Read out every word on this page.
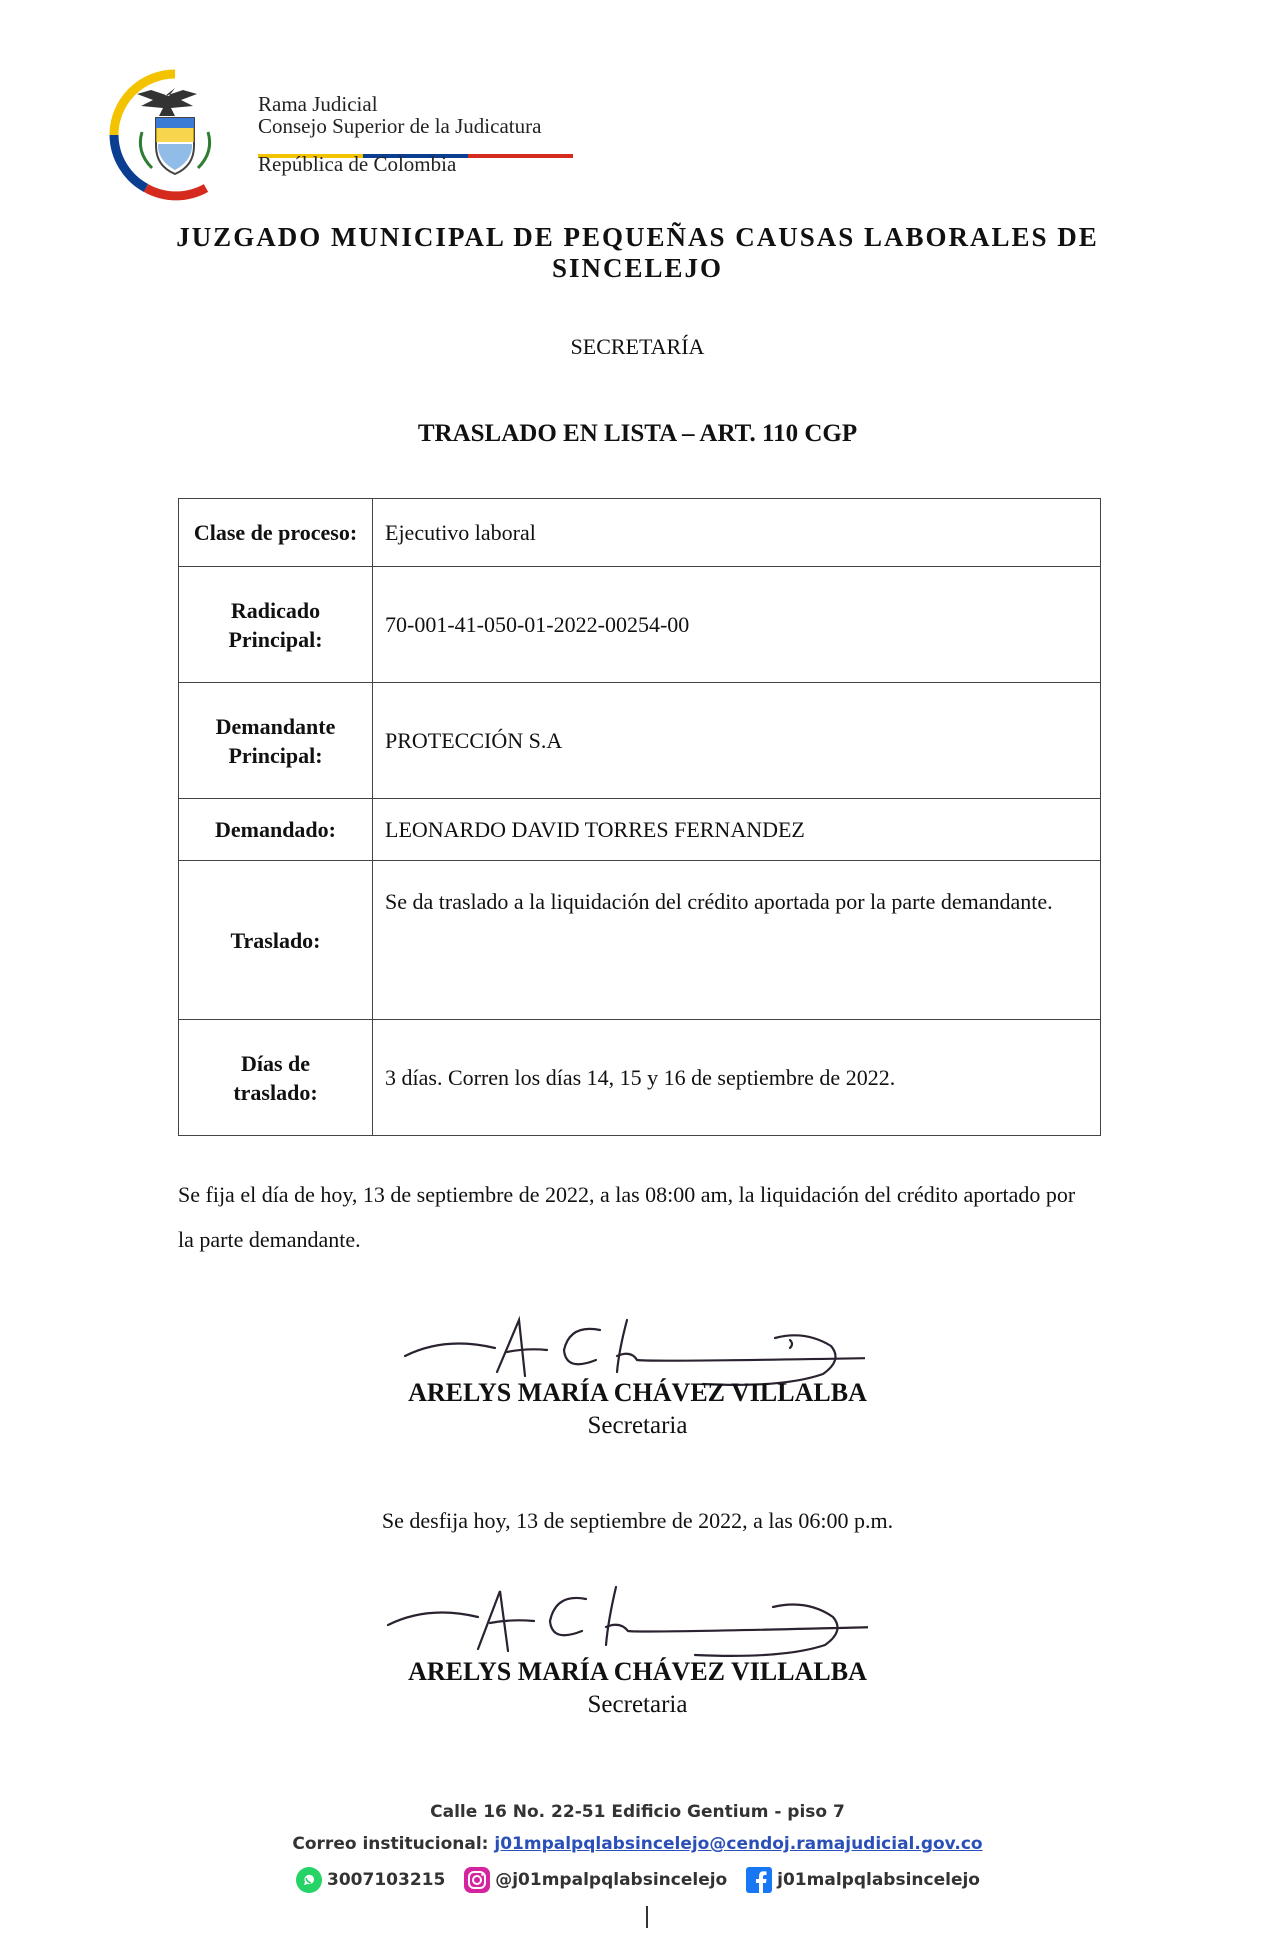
Rama Judicial
Consejo Superior de la Judicatura
República de Colombia
JUZGADO MUNICIPAL DE PEQUEÑAS CAUSAS LABORALES DE SINCELEJO
SECRETARÍA
TRASLADO EN LISTA – ART. 110 CGP
Clase de proceso:	Ejecutivo laboral
Radicado Principal:	70-001-41-050-01-2022-00254-00
Demandante Principal:	PROTECCIÓN S.A
Demandado:	LEONARDO DAVID TORRES FERNANDEZ
Traslado:	Se da traslado a la liquidación del crédito aportada por la parte demandante.
Días de traslado:	3 días. Corren los días 14, 15 y 16 de septiembre de 2022.
Se fija el día de hoy, 13 de septiembre de 2022, a las 08:00 am, la liquidación del crédito aportado por la parte demandante.
ARELYS MARÍA CHÁVEZ VILLALBA
Secretaria
Se desfija hoy, 13 de septiembre de 2022, a las 06:00 p.m.
ARELYS MARÍA CHÁVEZ VILLALBA
Secretaria
Calle 16 No. 22-51 Edificio Gentium - piso 7
Correo institucional: j01mpalpqlabsincelejo@cendoj.ramajudicial.gov.co
3007103215
	@j01mpalpqlabsincelejo
	j01malpqlabsincelejo
